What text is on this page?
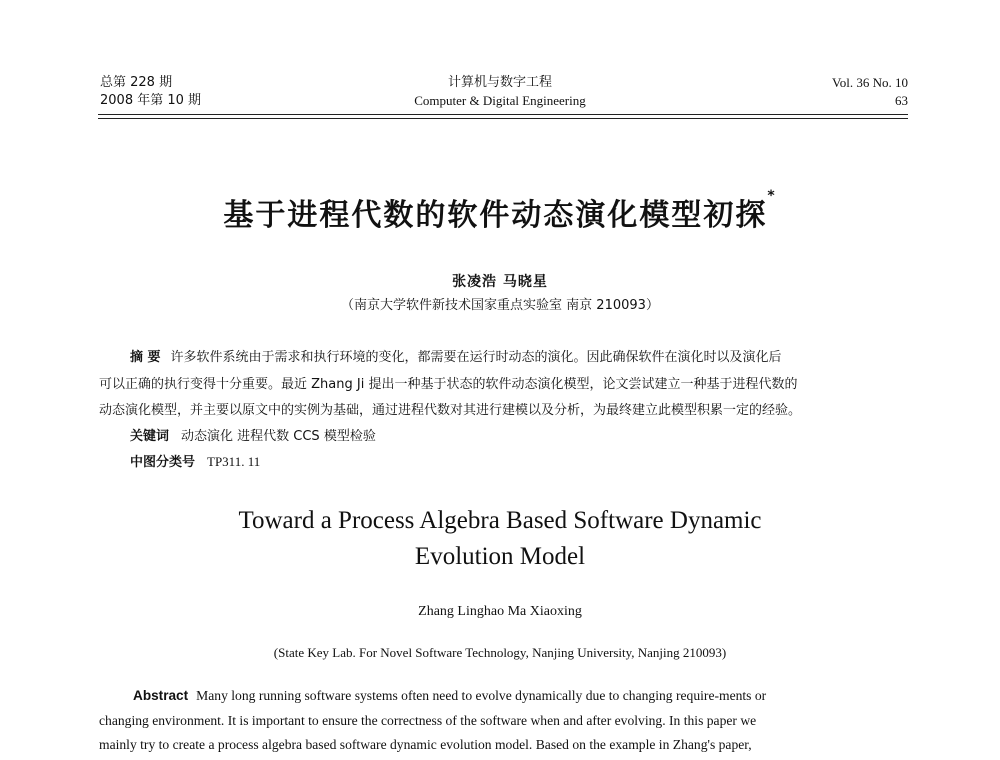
总第 228 期
2008 年第 10 期
计算机与数字工程
Computer & Digital Engineering
Vol. 36 No. 10
63
基于进程代数的软件动态演化模型初探*
张凌浩 马晓星
（南京大学软件新技术国家重点实验室 南京 210093）

摘 要 许多软件系统由于需求和执行环境的变化，都需要在运行时动态的演化。因此确保软件在演化时以及演化后

可以正确的执行变得十分重要。最近 Zhang Ji 提出一种基于状态的软件动态演化模型，论文尝试建立一种基于进程代数的

动态演化模型，并主要以原文中的实例为基础，通过进程代数对其进行建模以及分析，为最终建立此模型积累一定的经验。

关键词 动态演化 进程代数 CCS 模型检验
中图分类号 TP311. 11
Toward a Process Algebra Based Software Dynamic
Evolution Model
Zhang Linghao Ma Xiaoxing
(State Key Lab. For Novel Software Technology, Nanjing University, Nanjing 210093)
Abstract Many long running software systems often need to evolve dynamically due to changing require-ments or
changing environment. It is important to ensure the correctness of the software when and after evolving. In this paper we
mainly try to create a process algebra based software dynamic evolution model. Based on the example in Zhang's paper,
